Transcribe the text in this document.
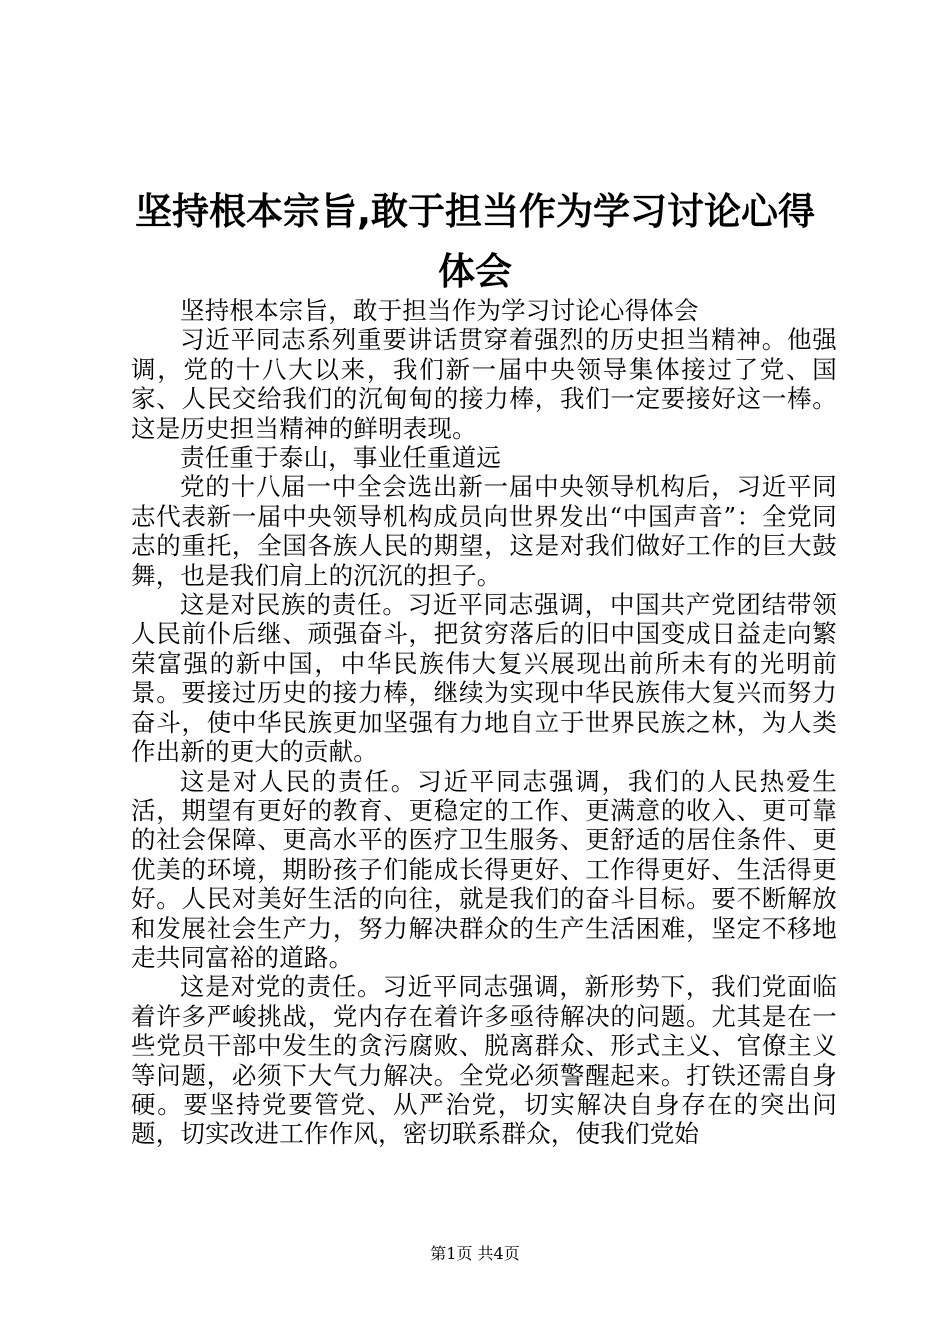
坚持根本宗旨,敢于担当作为学习讨论心得体会

坚持根本宗旨，敢于担当作为学习讨论心得体会

习近平同志系列重要讲话贯穿着强烈的历史担当精神。他强调，党的十八大以来，我们新一届中央领导集体接过了党、国家、人民交给我们的沉甸甸的接力棒，我们一定要接好这一棒。这是历史担当精神的鲜明表现。

责任重于泰山，事业任重道远

党的十八届一中全会选出新一届中央领导机构后，习近平同志代表新一届中央领导机构成员向世界发出“中国声音”：全党同志的重托，全国各族人民的期望，这是对我们做好工作的巨大鼓舞，也是我们肩上的沉沉的担子。

这是对民族的责任。习近平同志强调，中国共产党团结带领人民前仆后继、顽强奋斗，把贫穷落后的旧中国变成日益走向繁荣富强的新中国，中华民族伟大复兴展现出前所未有的光明前景。要接过历史的接力棒，继续为实现中华民族伟大复兴而努力奋斗，使中华民族更加坚强有力地自立于世界民族之林，为人类作出新的更大的贡献。

这是对人民的责任。习近平同志强调，我们的人民热爱生活，期望有更好的教育、更稳定的工作、更满意的收入、更可靠的社会保障、更高水平的医疗卫生服务、更舒适的居住条件、更优美的环境，期盼孩子们能成长得更好、工作得更好、生活得更好。人民对美好生活的向往，就是我们的奋斗目标。要不断解放和发展社会生产力，努力解决群众的生产生活困难，坚定不移地走共同富裕的道路。

这是对党的责任。习近平同志强调，新形势下，我们党面临着许多严峻挑战，党内存在着许多亟待解决的问题。尤其是在一些党员干部中发生的贪污腐败、脱离群众、形式主义、官僚主义等问题，必须下大气力解决。全党必须警醒起来。打铁还需自身硬。要坚持党要管党、从严治党，切实解决自身存在的突出问题，切实改进工作作风，密切联系群众，使我们党始

第1页 共4页
